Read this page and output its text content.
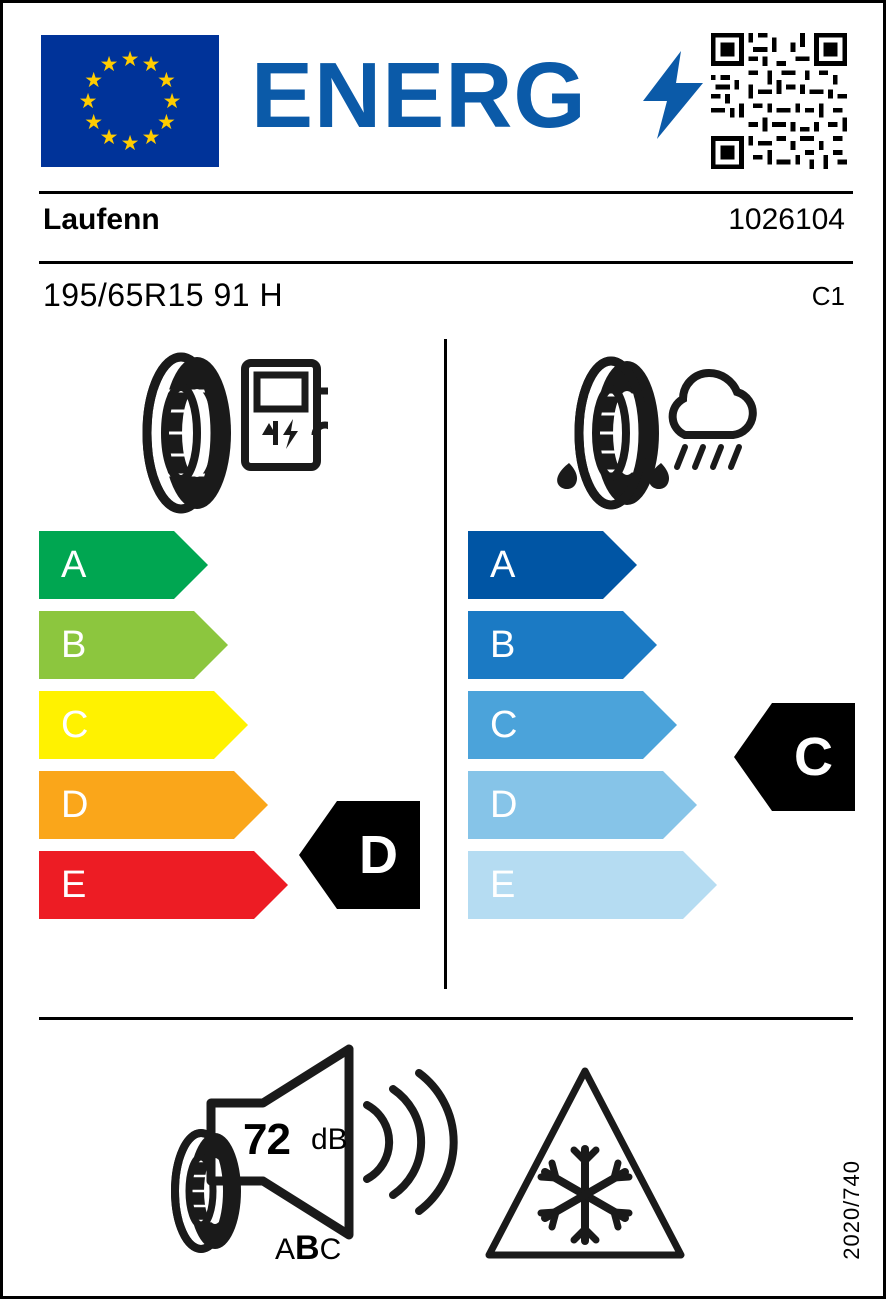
★ ★
★
★
★
★
★
★
★
★
★
★ ENERG
Laufenn	1026104
195/65R15 91 H	C1
A
B
C
D
E	D
A
B
C
D
E
C
72 dB
ABC	2020/740
